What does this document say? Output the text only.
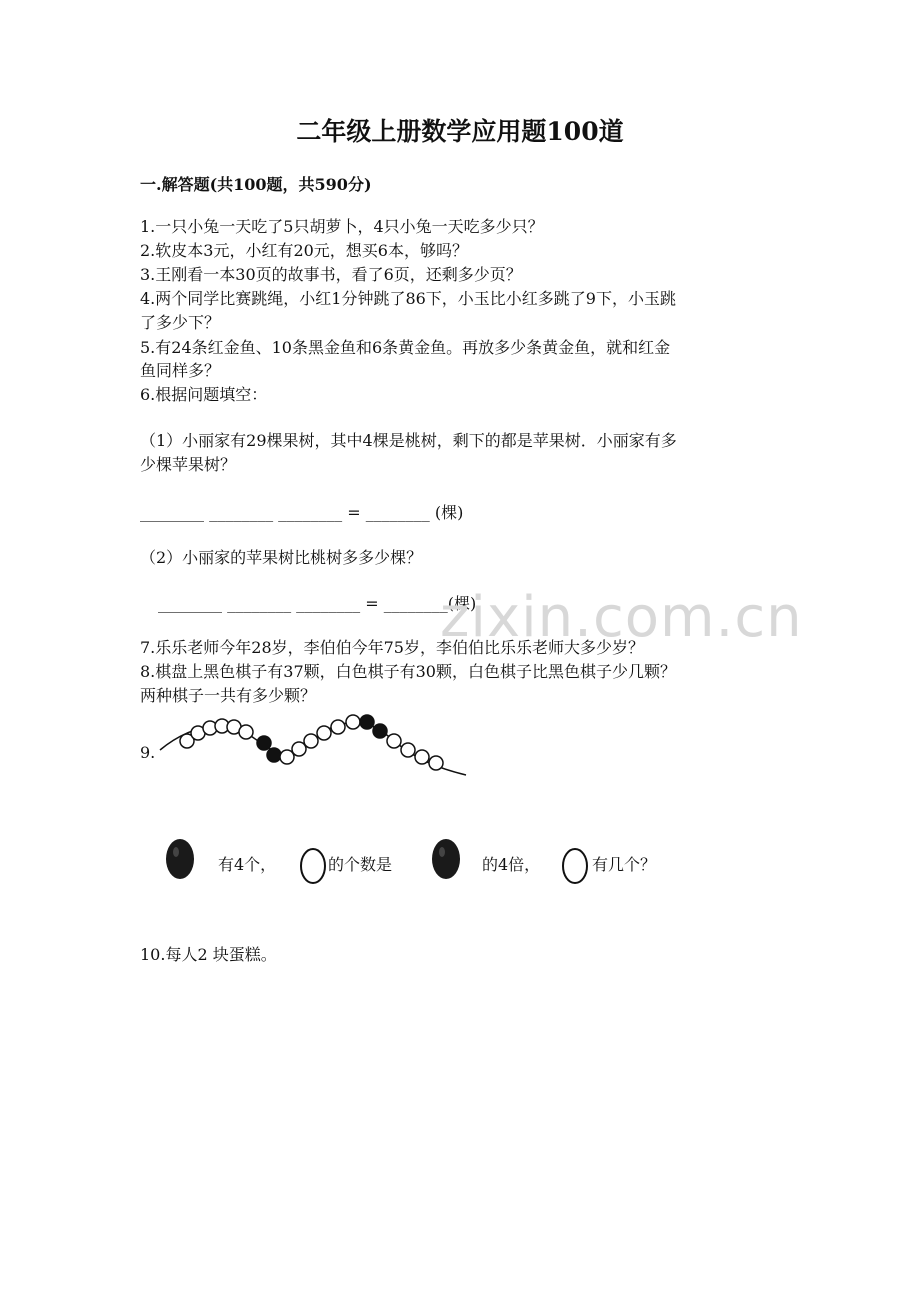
二年级上册数学应用题100道
一.解答题(共100题，共590分)
1.一只小兔一天吃了5只胡萝卜，4只小兔一天吃多少只？
2.软皮本3元，小红有20元，想买6本，够吗？
3.王刚看一本30页的故事书，看了6页，还剩多少页？
4.两个同学比赛跳绳，小红1分钟跳了86下，小玉比小红多跳了9下，小玉跳
了多少下？
5.有24条红金鱼、10条黑金鱼和6条黄金鱼。再放多少条黄金鱼，就和红金
鱼同样多？
6.根据问题填空：
（1）小丽家有29棵果树，其中4棵是桃树，剩下的都是苹果树．小丽家有多
少棵苹果树？
________ ________ ________ = ________ (棵)
（2）小丽家的苹果树比桃树多多少棵？
________ ________ ________ = ________(棵)
zixin.com.cn
7.乐乐老师今年28岁，李伯伯今年75岁，李伯伯比乐乐老师大多少岁？
8.棋盘上黑色棋子有37颗，白色棋子有30颗，白色棋子比黑色棋子少几颗？
两种棋子一共有多少颗？
9.
有4个，	的个数是	的4倍，	有几个？
10.每人2 块蛋糕。
